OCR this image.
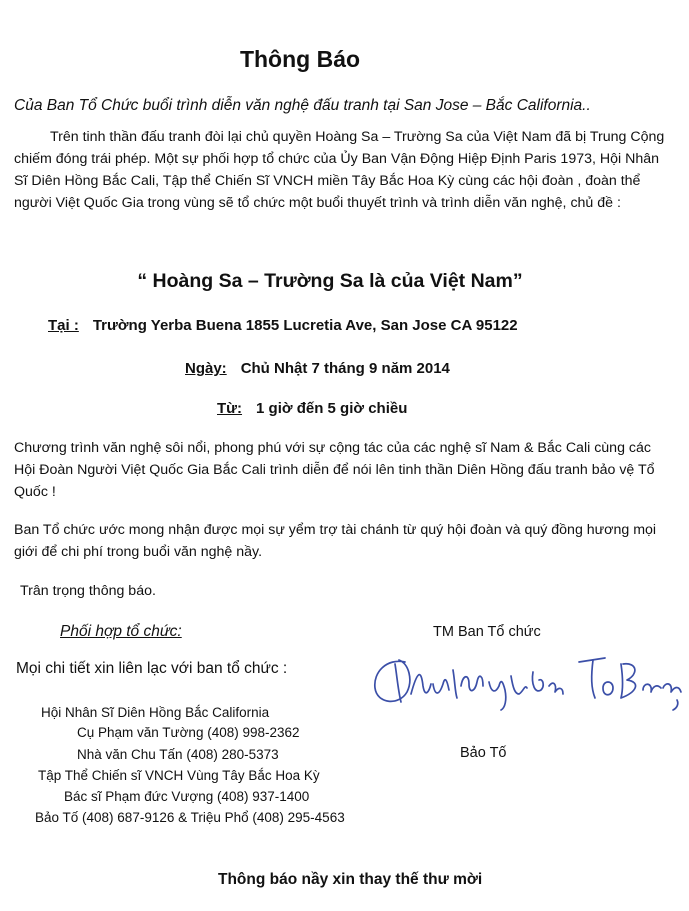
Thông Báo
Của Ban Tổ Chức buổi trình diễn văn nghệ đấu tranh tại San Jose – Bắc California..
Trên tinh thần đấu tranh đòi lại chủ quyền Hoàng Sa – Trường Sa của Việt Nam đã bị Trung Cộng chiếm đóng trái phép. Một sự phối hợp tổ chức của Ủy Ban Vận Động Hiệp Định Paris 1973, Hội Nhân Sĩ Diên Hồng Bắc Cali, Tập thể Chiến Sĩ VNCH miền Tây Bắc Hoa Kỳ cùng các hội đoàn , đoàn thể người Việt Quốc Gia trong vùng sẽ tổ chức một buổi thuyết trình và trình diễn văn nghệ, chủ đề :
“ Hoàng Sa – Trường Sa là của Việt Nam”
Tại : Trường Yerba Buena 1855 Lucretia Ave, San Jose CA 95122
Ngày: Chủ Nhật 7 tháng 9 năm 2014
Từ: 1 giờ đến 5 giờ chiều
Chương trình văn nghệ sôi nổi, phong phú với sự cộng tác của các nghệ sĩ Nam & Bắc Cali cùng các Hội Đoàn Người Việt Quốc Gia Bắc Cali trình diễn để nói lên tinh thần Diên Hồng đấu tranh bảo vệ Tổ Quốc !
Ban Tổ chức ước mong nhận được mọi sự yểm trợ tài chánh từ quý hội đoàn và quý đồng hương mọi giới để chi phí trong buổi văn nghệ nầy.
Trân trọng thông báo.
Phối hợp tổ chức:	TM Ban Tổ chức
Mọi chi tiết xin liên lạc với ban tổ chức :
Hội Nhân Sĩ Diên Hồng Bắc California
Cụ Phạm văn Tường (408) 998-2362
Nhà văn Chu Tấn (408) 280-5373
Tập Thể Chiến sĩ VNCH Vùng Tây Bắc Hoa Kỳ
Bác sĩ Phạm đức Vượng (408) 937-1400
Bảo Tố (408) 687-9126 & Triệu Phổ (408) 295-4563
Bảo Tố
Thông báo nầy xin thay thế thư mời
